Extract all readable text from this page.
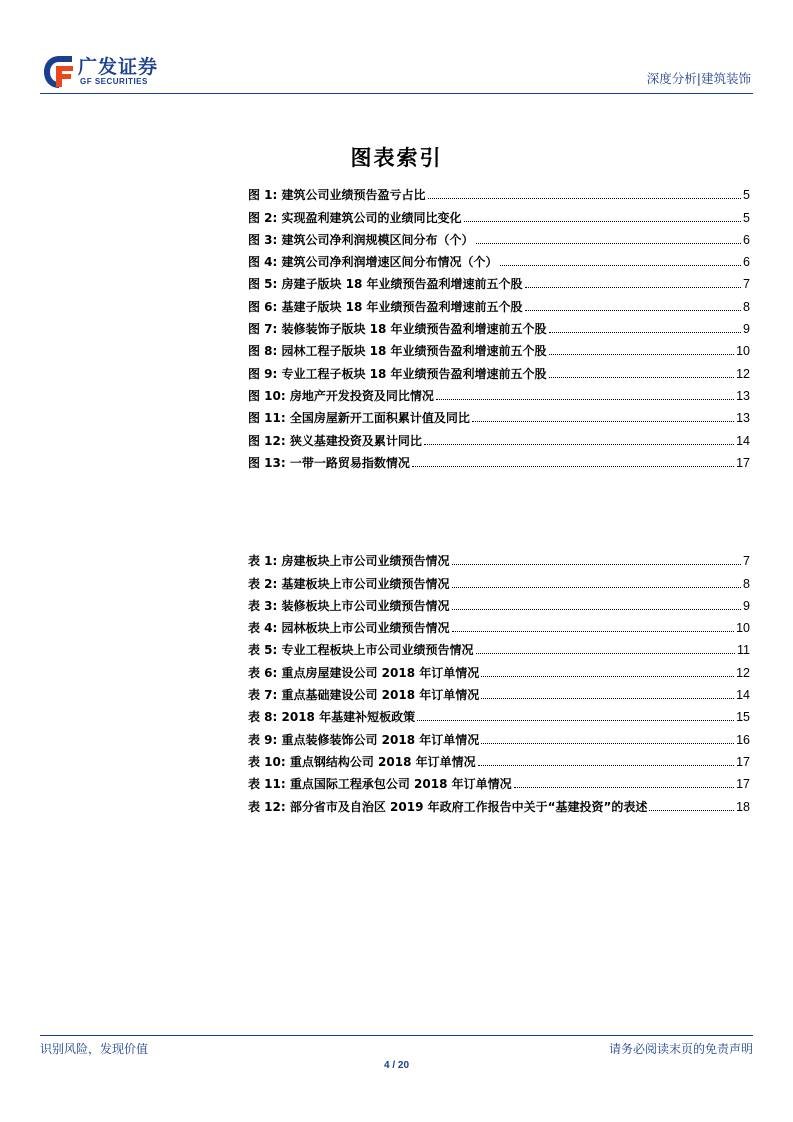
广发证券
GF SECURITIES	深度分析|建筑装饰
图表索引
图 1: 建筑公司业绩预告盈亏占比	5
图 2: 实现盈利建筑公司的业绩同比变化	5
图 3: 建筑公司净利润规模区间分布（个）	6
图 4: 建筑公司净利润增速区间分布情况（个）	6
图 5: 房建子版块 18 年业绩预告盈利增速前五个股	7
图 6: 基建子版块 18 年业绩预告盈利增速前五个股	8
图 7: 装修装饰子版块 18 年业绩预告盈利增速前五个股	9
图 8: 园林工程子版块 18 年业绩预告盈利增速前五个股	10
图 9: 专业工程子板块 18 年业绩预告盈利增速前五个股	12
图 10: 房地产开发投资及同比情况	13
图 11: 全国房屋新开工面积累计值及同比	13
图 12: 狭义基建投资及累计同比	14
图 13: 一带一路贸易指数情况	17
表 1: 房建板块上市公司业绩预告情况	7
表 2: 基建板块上市公司业绩预告情况	8
表 3: 装修板块上市公司业绩预告情况	9
表 4: 园林板块上市公司业绩预告情况	10
表 5: 专业工程板块上市公司业绩预告情况	11
表 6: 重点房屋建设公司 2018 年订单情况	12
表 7: 重点基础建设公司 2018 年订单情况	14
表 8: 2018 年基建补短板政策	15
表 9: 重点装修装饰公司 2018 年订单情况	16
表 10: 重点钢结构公司 2018 年订单情况	17
表 11: 重点国际工程承包公司 2018 年订单情况	17
表 12: 部分省市及自治区 2019 年政府工作报告中关于“基建投资”的表述	18
识别风险，发现价值	请务必阅读末页的免责声明
4 / 20
